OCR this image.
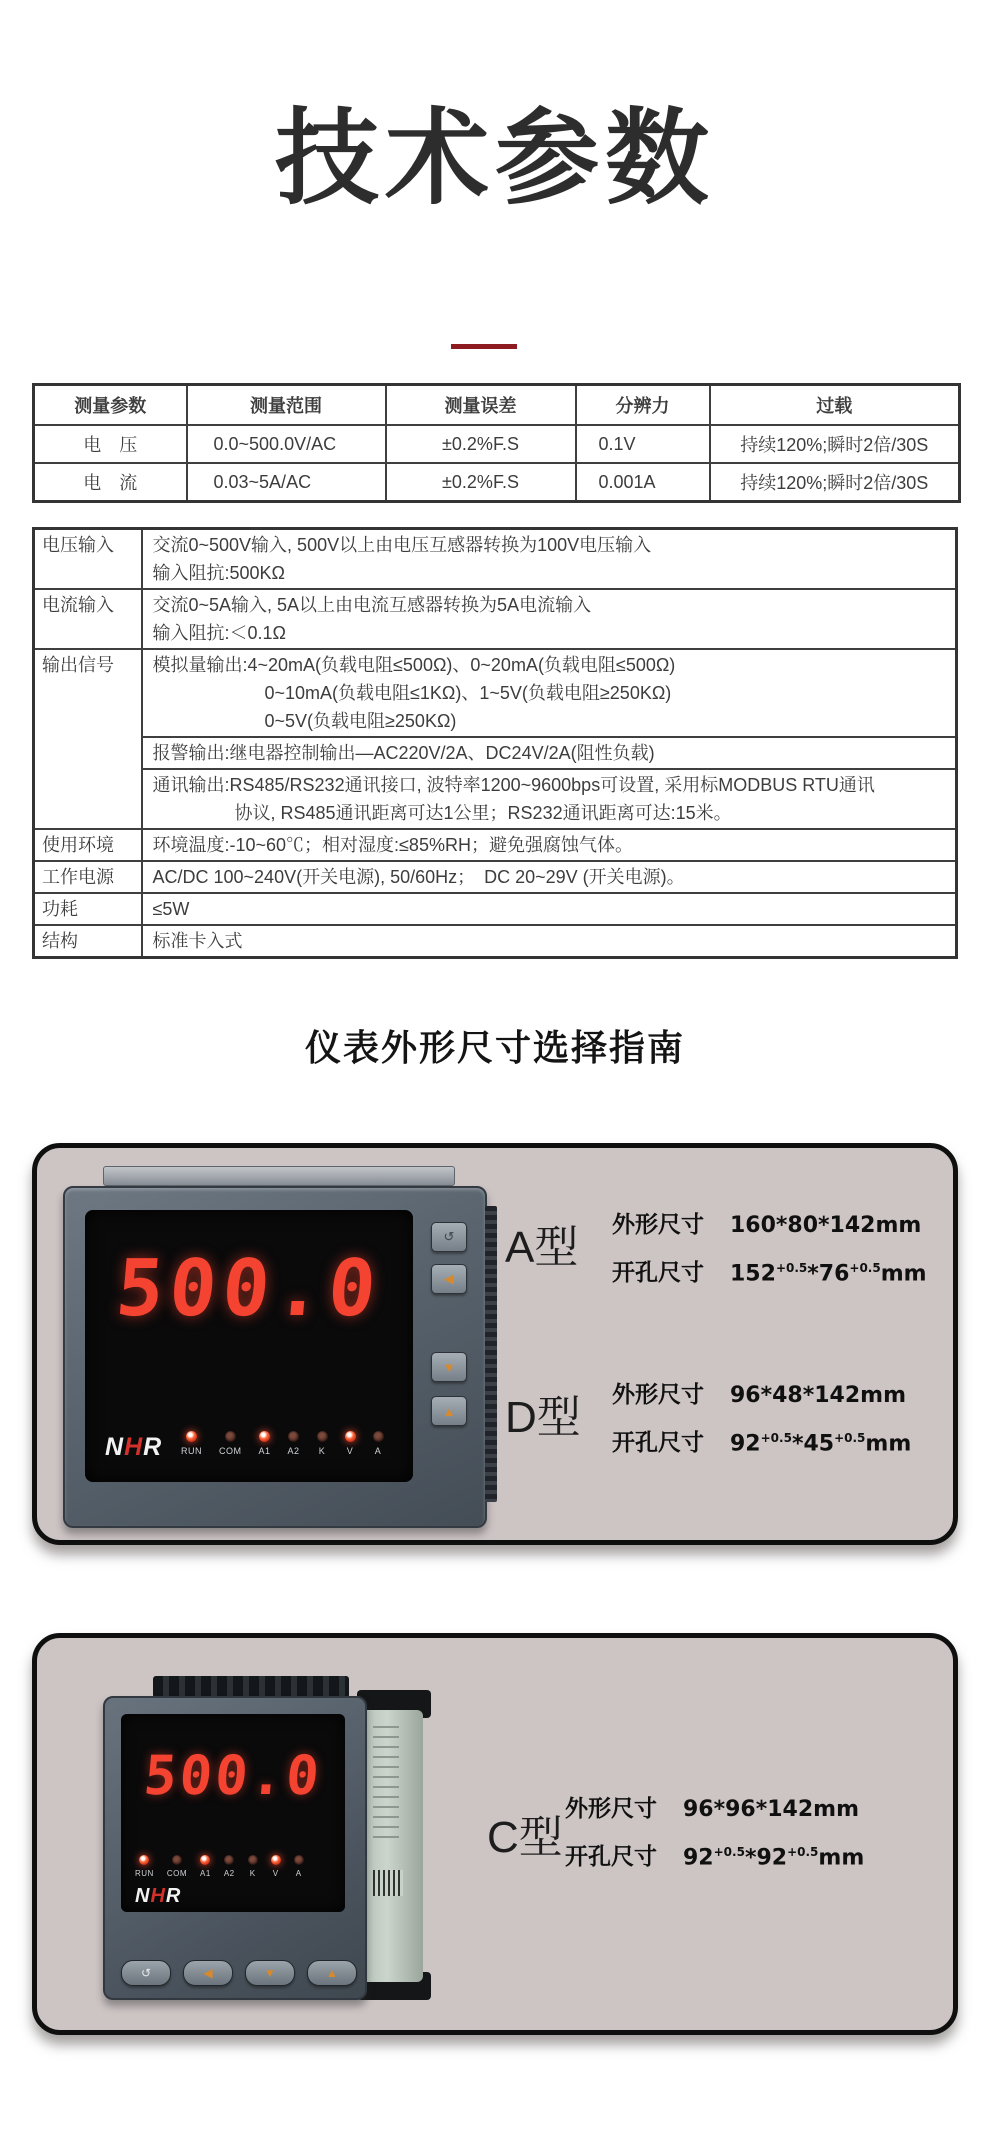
技术参数
测量参数	测量范围	测量误差	分辨力	过载
电　压	0.0~500.0V/AC	±0.2%F.S	0.1V	持续120%;瞬时2倍/30S
电　流	0.03~5A/AC	±0.2%F.S	0.001A	持续120%;瞬时2倍/30S
电压输入	交流0~500V输入, 500V以上由电压互感器转换为100V电压输入
输入阻抗:500KΩ

电流输入	交流0~5A输入, 5A以上由电流互感器转换为5A电流输入
输入阻抗:＜0.1Ω

输出信号	模拟量输出:4~20mA(负载电阻≤500Ω)、0~20mA(负载电阻≤500Ω)
0~10mA(负载电阻≤1KΩ)、1~5V(负载电阻≥250KΩ)
0~5V(负载电阻≥250KΩ)

	报警输出:继电器控制输出—AC220V/2A、DC24V/2A(阻性负载)

	通讯输出:RS485/RS232通讯接口, 波特率1200~9600bps可设置, 采用标MODBUS RTU通讯
协议, RS485通讯距离可达1公里；RS232通讯距离可达:15米。

使用环境	环境温度:-10~60℃；相对湿度:≤85%RH；避免强腐蚀气体。

工作电源	AC/DC 100~240V(开关电源), 50/60Hz；　DC 20~29V (开关电源)。

功耗	≤5W

结构	标准卡入式
仪表外形尺寸选择指南
500.0
RUN COM A1 A2 K V A
NHR
↺
◀
▼
▲
A型 外形尺寸 160*80*142mm
开孔尺寸 $152^{+0.5}*76^{+0.5}mm$
D型 外形尺寸 96*48*142mm
开孔尺寸 $92^{+0.5}*45^{+0.5}mm$
500.0
RUN COM A1 A2 K V A
NHR
↺	◀	▼	▲
C型
外形尺寸 96*96*142mm
开孔尺寸 $92^{+0.5}*92^{+0.5}mm$
